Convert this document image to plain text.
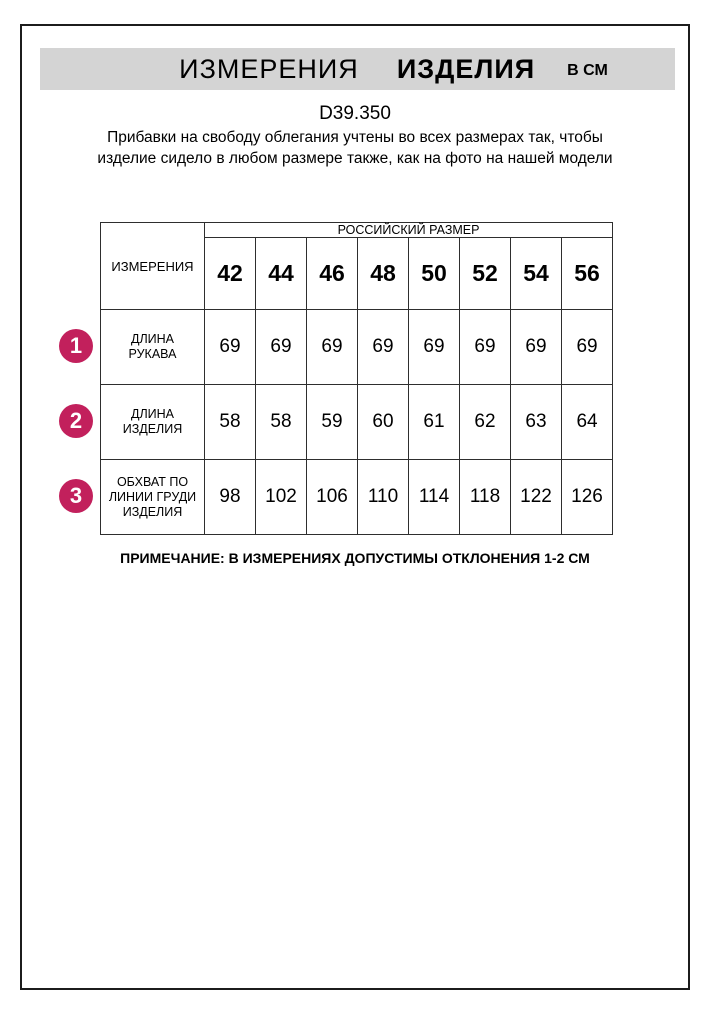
ИЗМЕРЕНИЯ ИЗДЕЛИЯ В СМ
D39.350
Прибавки на свободу облегания учтены во всех размерах так, чтобы изделие сидело в любом размере также, как на фото на нашей модели
1
2
3
ИЗМЕРЕНИЯ	РОССИЙСКИЙ РАЗМЕР							
	42	44	46	48	50	52	54	56
ДЛИНА РУКАВА	69	69	69	69	69	69	69	69
ДЛИНА ИЗДЕЛИЯ	58	58	59	60	61	62	63	64
ОБХВАТ ПО ЛИНИИ ГРУДИ ИЗДЕЛИЯ	98	102	106	110	114	118	122	126
ПРИМЕЧАНИЕ: В ИЗМЕРЕНИЯХ ДОПУСТИМЫ ОТКЛОНЕНИЯ 1-2 СМ
